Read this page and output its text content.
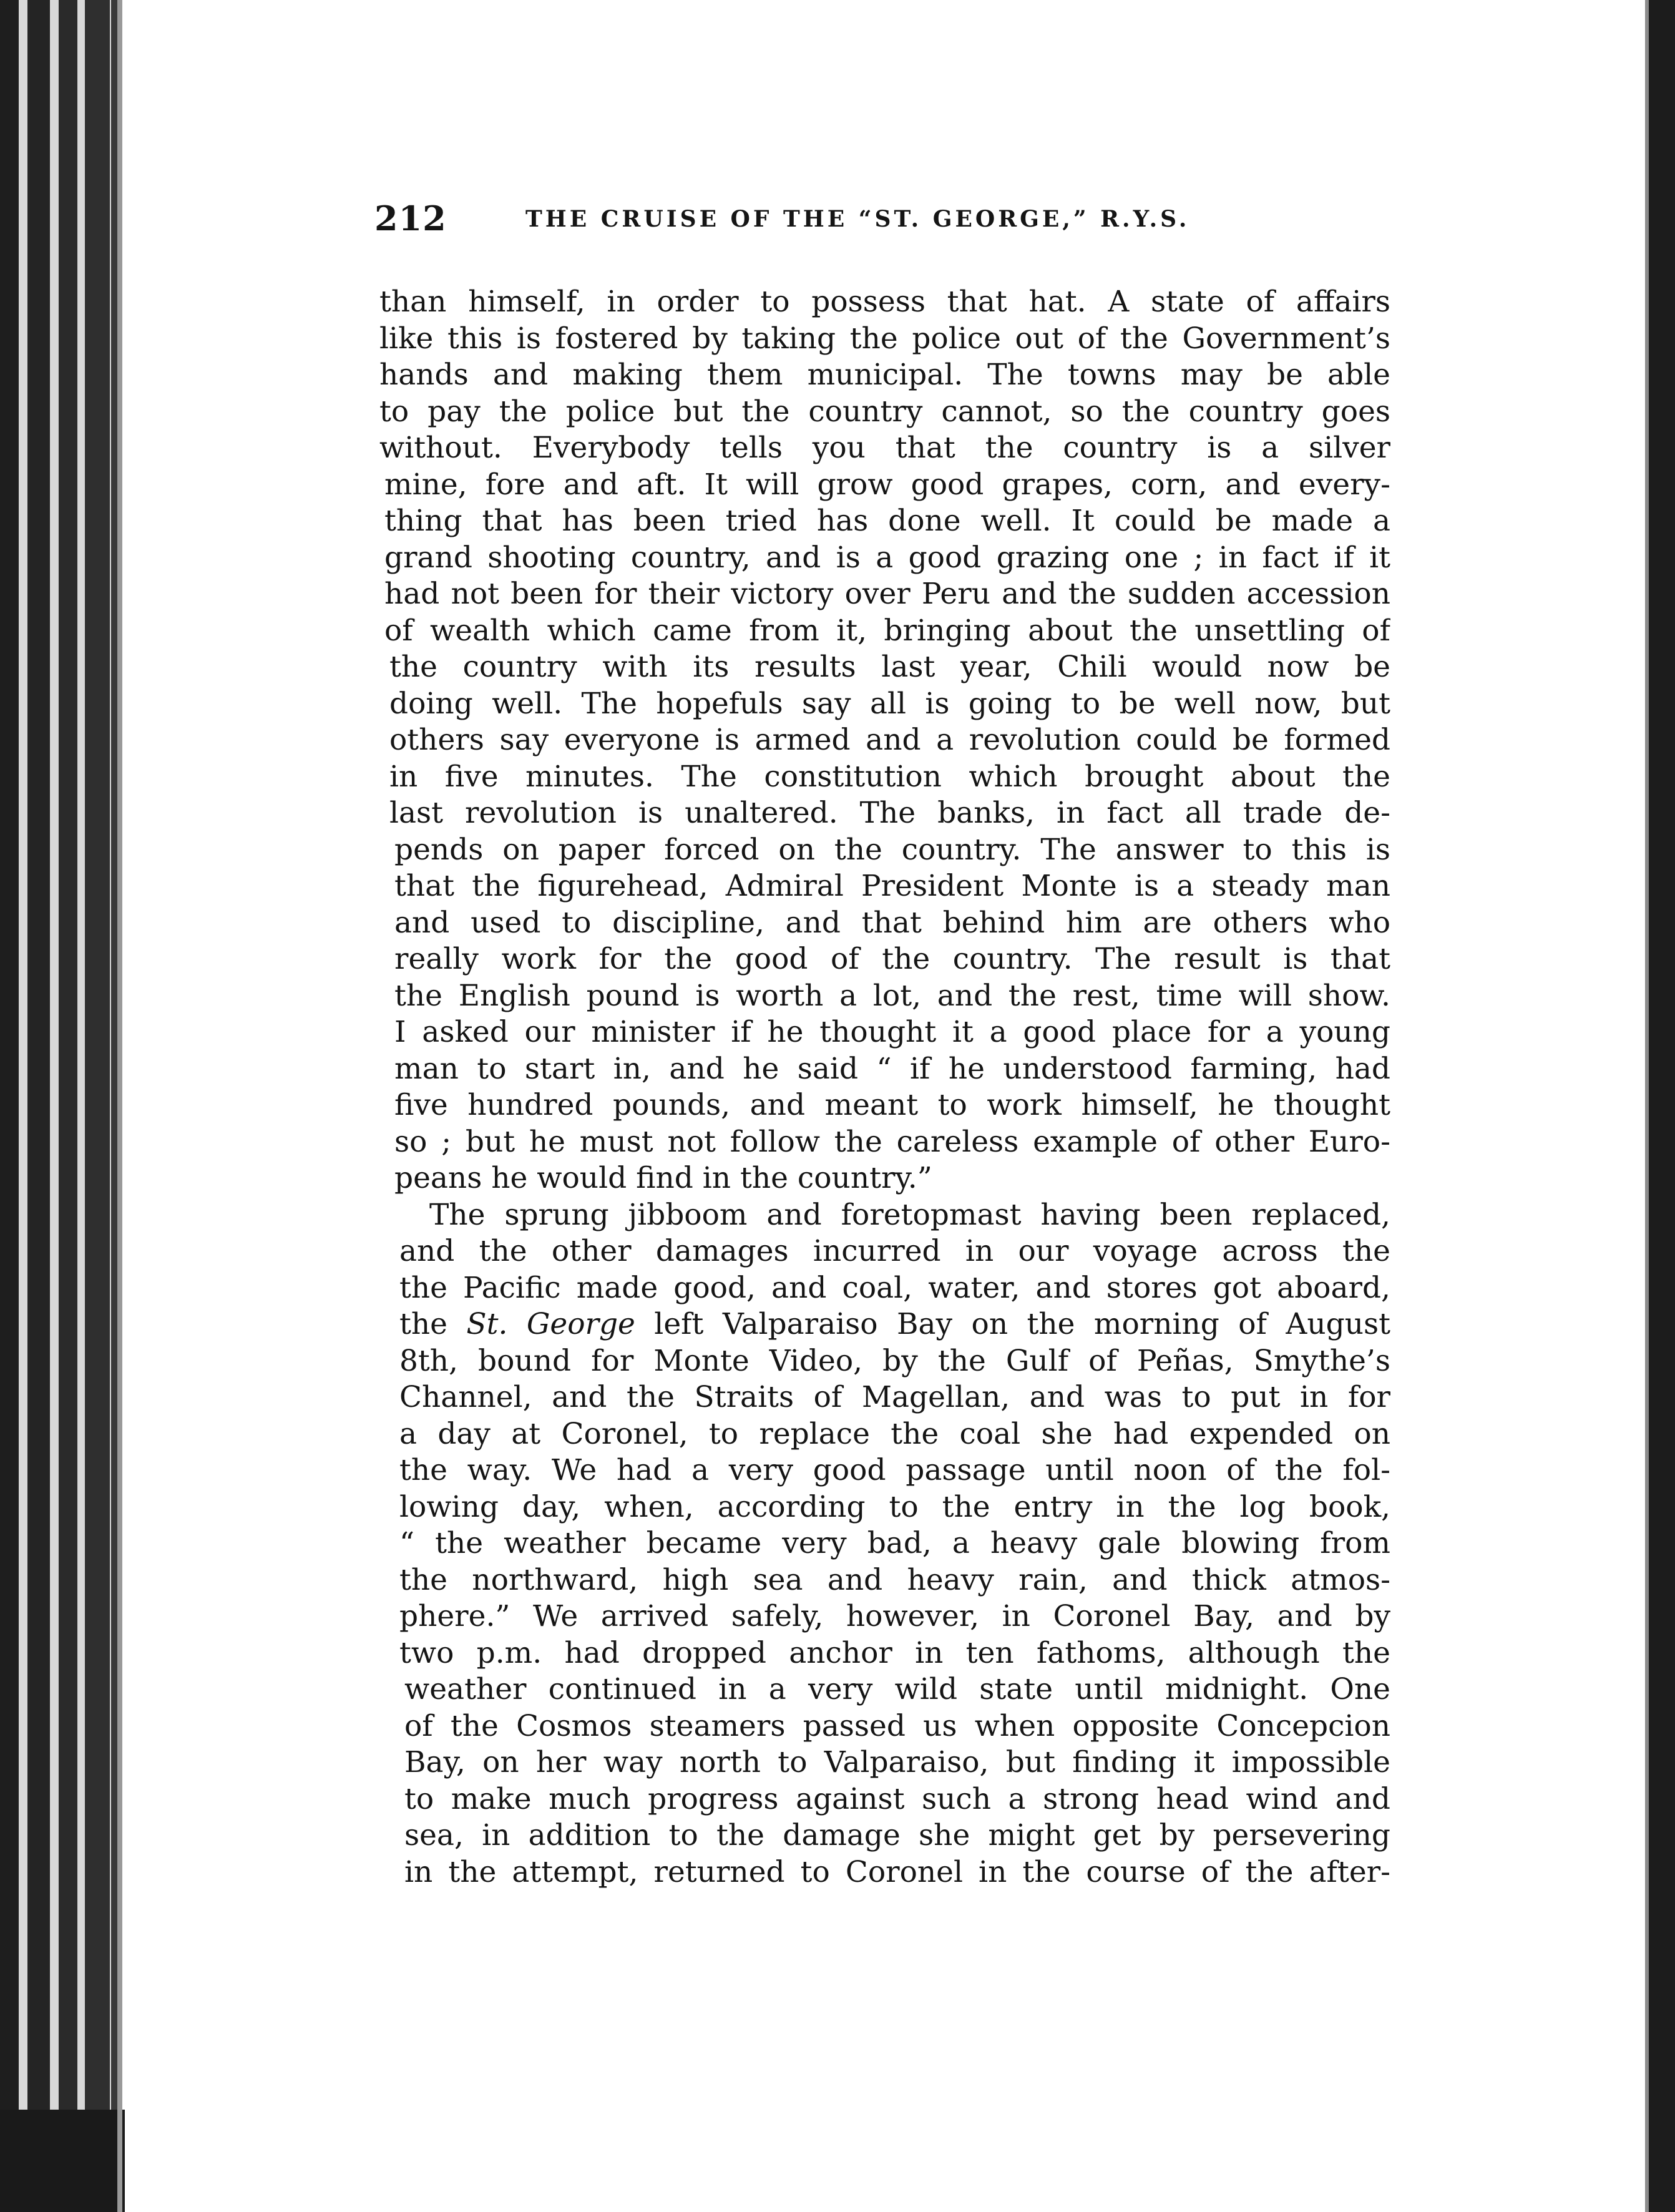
212	THE CRUISE OF THE “ST. GEORGE,” R.Y.S.
than himself, in order to possess that hat. A state of affairs
like this is fostered by taking the police out of the Government’s
hands and making them municipal. The towns may be able
to pay the police but the country cannot, so the country goes
without. Everybody tells you that the country is a silver
mine, fore and aft. It will grow good grapes, corn, and every-
thing that has been tried has done well. It could be made a
grand shooting country, and is a good grazing one ; in fact if it
had not been for their victory over Peru and the sudden accession
of wealth which came from it, bringing about the unsettling of
the country with its results last year, Chili would now be
doing well. The hopefuls say all is going to be well now, but
others say everyone is armed and a revolution could be formed
in five minutes. The constitution which brought about the
last revolution is unaltered. The banks, in fact all trade de-
pends on paper forced on the country. The answer to this is
that the figurehead, Admiral President Monte is a steady man
and used to discipline, and that behind him are others who
really work for the good of the country. The result is that
the English pound is worth a lot, and the rest, time will show.
I asked our minister if he thought it a good place for a young
man to start in, and he said “ if he understood farming, had
five hundred pounds, and meant to work himself, he thought
so ; but he must not follow the careless example of other Euro-
peans he would find in the country.”
The sprung jibboom and foretopmast having been replaced,
and the other damages incurred in our voyage across the
the Pacific made good, and coal, water, and stores got aboard,
the St. George left Valparaiso Bay on the morning of August
8th, bound for Monte Video, by the Gulf of Peñas, Smythe’s
Channel, and the Straits of Magellan, and was to put in for
a day at Coronel, to replace the coal she had expended on
the way. We had a very good passage until noon of the fol-
lowing day, when, according to the entry in the log book,
“ the weather became very bad, a heavy gale blowing from
the northward, high sea and heavy rain, and thick atmos-
phere.” We arrived safely, however, in Coronel Bay, and by
two p.m. had dropped anchor in ten fathoms, although the
weather continued in a very wild state until midnight. One
of the Cosmos steamers passed us when opposite Concepcion
Bay, on her way north to Valparaiso, but finding it impossible
to make much progress against such a strong head wind and
sea, in addition to the damage she might get by persevering
in the attempt, returned to Coronel in the course of the after-
